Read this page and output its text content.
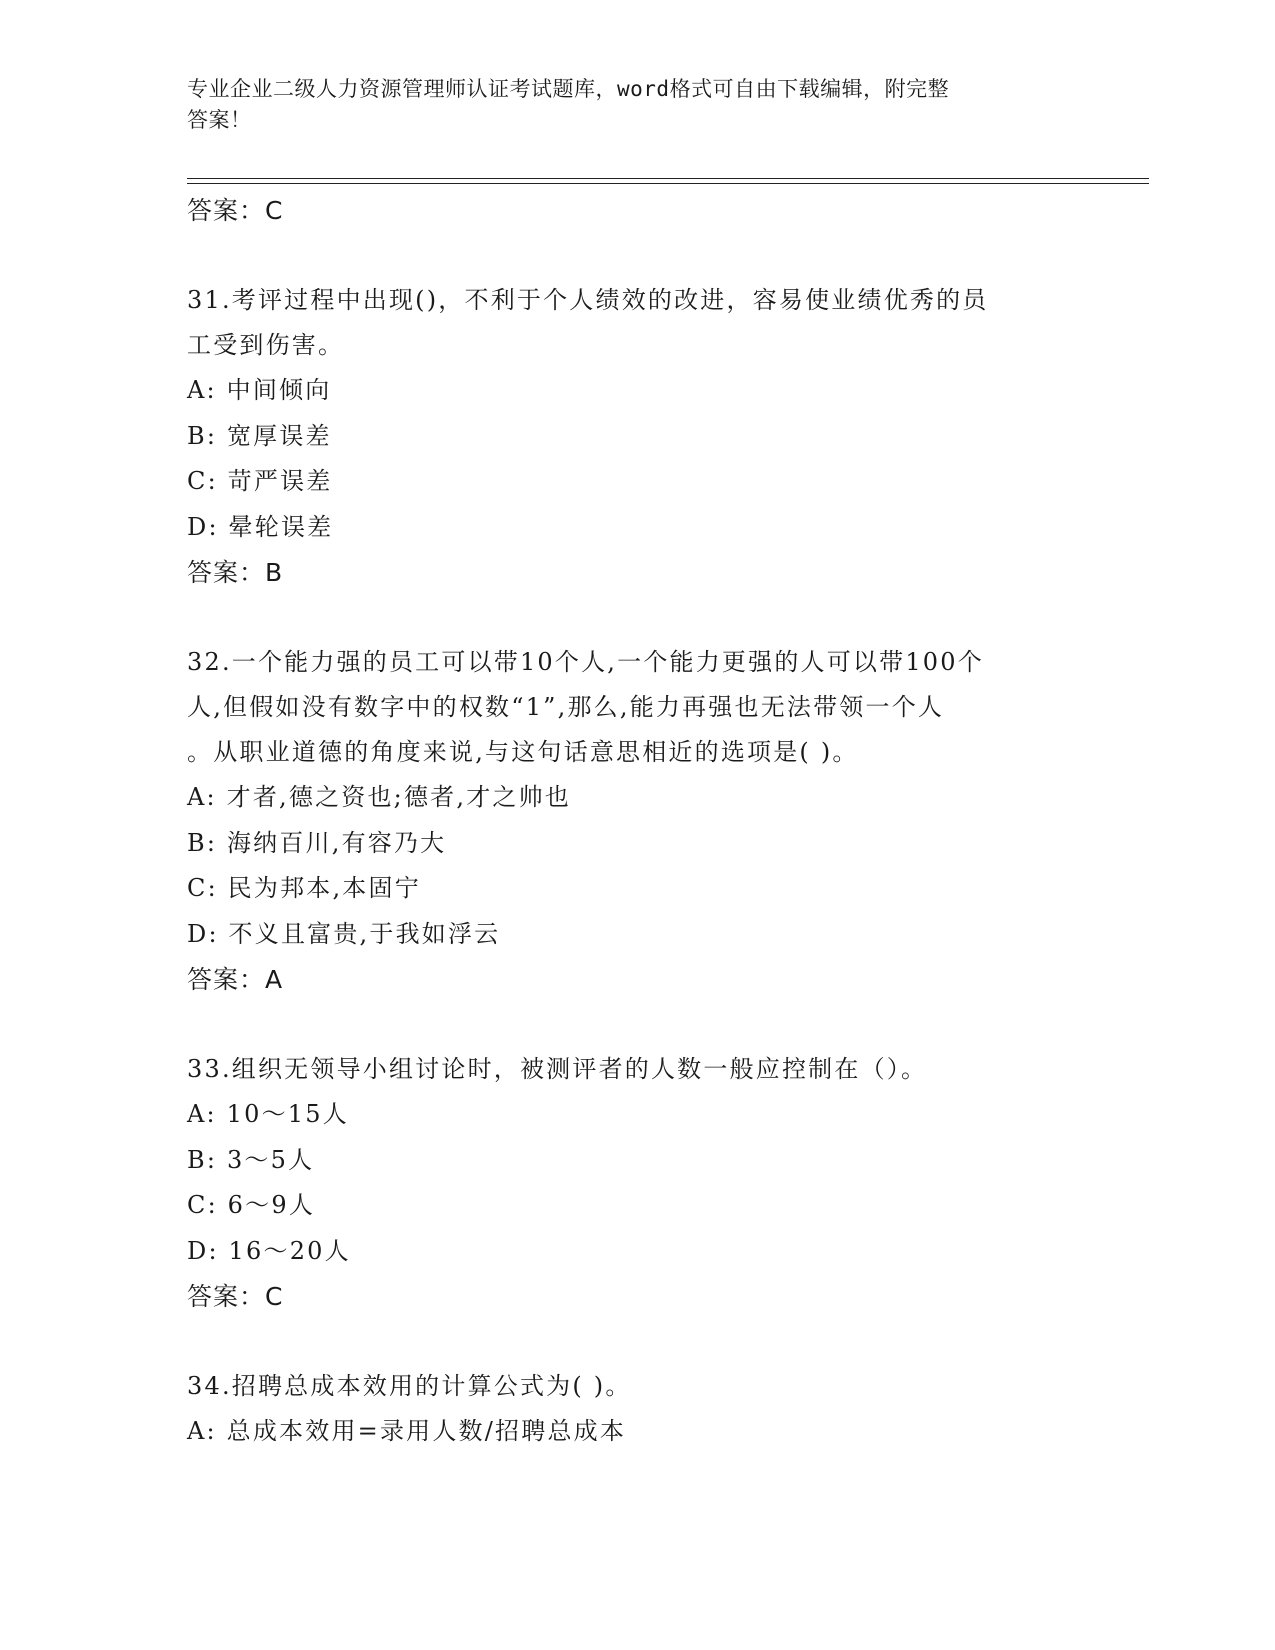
专业企业二级人力资源管理师认证考试题库，word格式可自由下载编辑，附完整
答案！
答案：C
31.考评过程中出现()，不利于个人绩效的改进，容易使业绩优秀的员
工受到伤害。
A: 中间倾向
B: 宽厚误差
C: 苛严误差
D: 晕轮误差
答案：B
32.一个能力强的员工可以带10个人,一个能力更强的人可以带100个
人,但假如没有数字中的权数“1”,那么,能力再强也无法带领一个人
。从职业道德的角度来说,与这句话意思相近的选项是( )。
A: 才者,德之资也;德者,才之帅也
B: 海纳百川,有容乃大
C: 民为邦本,本固宁
D: 不义且富贵,于我如浮云
答案：A
33.组织无领导小组讨论时，被测评者的人数一般应控制在（）。
A: 10～15人
B: 3～5人
C: 6～9人
D: 16～20人
答案：C
34.招聘总成本效用的计算公式为( )。
A: 总成本效用=录用人数/招聘总成本
